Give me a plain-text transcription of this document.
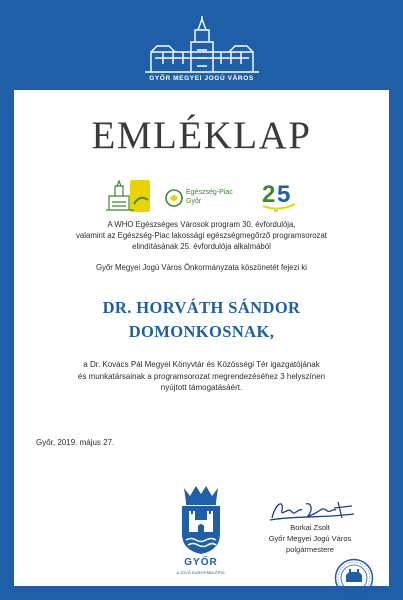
GYŐR MEGYEI JOGÚ VÁROS
EMLÉKLAP
Egészség-Piac
Győr	2 5
év
A WHO Egészséges Városok program 30. évfordulója,
valamint az Egészség-Piac lakossági egészségmegőrző programsorozat
elindításának 25. évfordulója alkalmából
Győr Megyei Jogú Város Önkormányzata köszönetét fejezi ki
DR. HORVÁTH SÁNDOR
DOMONKOSNAK,
a Dr. Kovács Pál Megyei Könyvtár és Közösségi Tér igazgatójának
és munkatársainak a programsorozat megrendezéséhez 3 helyszínen
nyújtott támogatásáért.
Győr, 2019. május 27.
GYŐR
A JÖVŐ EURÓPÁBA ÉPÜL
Borkai Zsolt
Győr Megyei Jogú Város
polgármestere
